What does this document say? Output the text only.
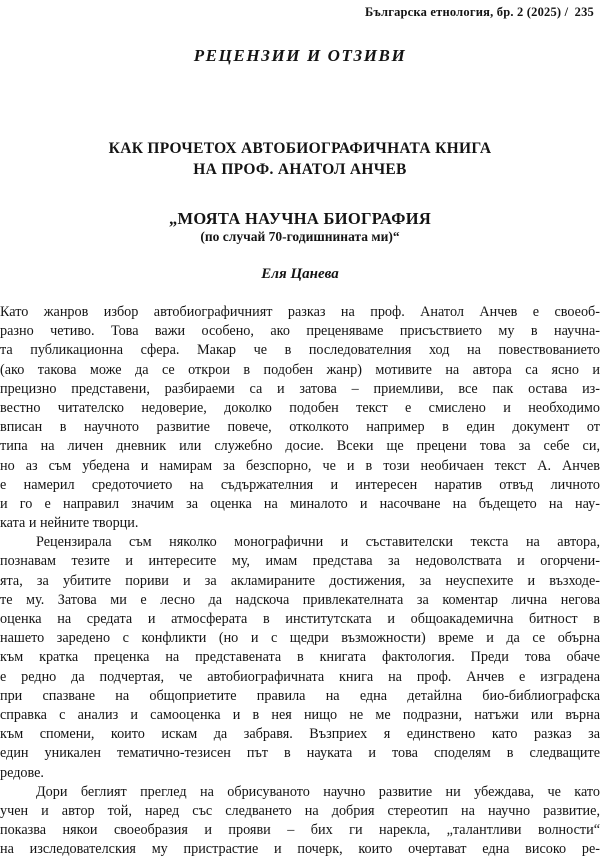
Българска етнология, бр. 2 (2025) / 235
РЕЦЕНЗИИ И ОТЗИВИ
КАК ПРОЧЕТОХ АВТОБИОГРАФИЧНАТА КНИГА
НА ПРОФ. АНАТОЛ АНЧЕВ
„МОЯТА НАУЧНА БИОГРАФИЯ
(по случай 70-годишнината ми)“
Еля Цанева
Като жанров избор автобиографичният разказ на проф. Анатол Анчев е своеоб-
разно четиво. Това важи особено, ако преценяваме присъствието му в научна-
та публикационна сфера. Макар че в последователния ход на повествованието
(ако такова може да се открои в подобен жанр) мотивите на автора са ясно и
прецизно представени, разбираеми са и затова – приемливи, все пак остава из-
вестно читателско недоверие, доколко подобен текст е смислено и необходимо
вписан в научното развитие повече, отколкото например в един документ от
типа на личен дневник или служебно досие. Всеки ще прецени това за себе си,
но аз съм убедена и намирам за безспорно, че и в този необичаен текст А. Анчев
е намерил средоточието на съдържателния и интересен наратив отвъд личното
и го е направил значим за оценка на миналото и насочване на бъдещето на нау-
ката и нейните творци.
Рецензирала съм няколко монографични и съставителски текста на автора,
познавам тезите и интересите му, имам представа за недоволствата и огорчени-
ята, за убитите пориви и за акламираните достижения, за неуспехите и възходе-
те му. Затова ми е лесно да надскоча привлекателната за коментар лична негова
оценка на средата и атмосферата в институтската и общоакадемична битност в
нашето заредено с конфликти (но и с щедри възможности) време и да се обърна
към кратка преценка на представената в книгата фактология. Преди това обаче
е редно да подчертая, че автобиографичната книга на проф. Анчев е изградена
при спазване на общоприетите правила на една детайлна био-библиографска
справка с анализ и самооценка и в нея нищо не ме подразни, натъжи или върна
към спомени, които искам да забравя. Възприех я единствено като разказ за
един уникален тематично-тезисен път в науката и това споделям в следващите
редове.
Дори беглият преглед на обрисуваното научно развитие ни убеждава, че като
учен и автор той, наред със следването на добрия стереотип на научно развитие,
показва някои своеобразия и прояви – бих ги нарекла, „талантливи волности“
на изследователския му пристрастие и почерк, които очертават една високо ре-
